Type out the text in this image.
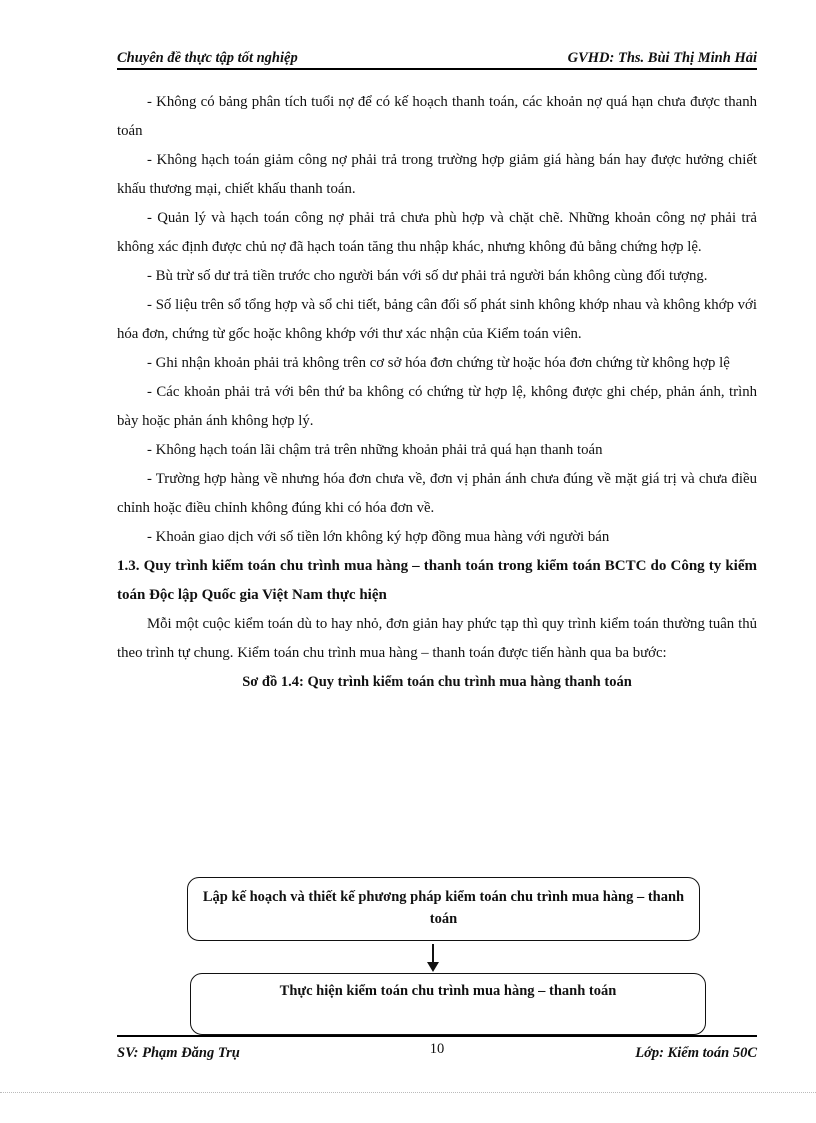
Chuyên đề thực tập tốt nghiệp	GVHD: Ths. Bùi Thị Minh Hải

- Không có bảng phân tích tuổi nợ để có kế hoạch thanh toán, các khoản nợ quá hạn chưa được thanh toán

- Không hạch toán giảm công nợ phải trả trong trường hợp giảm giá hàng bán hay được hưởng chiết khấu thương mại, chiết khấu thanh toán.

- Quản lý và hạch toán công nợ phải trả chưa phù hợp và chặt chẽ. Những khoản công nợ phải trả không xác định được chủ nợ đã hạch toán tăng thu nhập khác, nhưng không đủ bằng chứng hợp lệ.

- Bù trừ số dư trả tiền trước cho người bán với số dư phải trả người bán không cùng đối tượng.

- Số liệu trên sổ tổng hợp và sổ chi tiết, bảng cân đối số phát sinh không khớp nhau và không khớp với hóa đơn, chứng từ gốc hoặc không khớp với thư xác nhận của Kiểm toán viên.

- Ghi nhận khoản phải trả không trên cơ sở hóa đơn chứng từ hoặc hóa đơn chứng từ không hợp lệ

- Các khoản phải trả với bên thứ ba không có chứng từ hợp lệ, không được ghi chép, phản ánh, trình bày hoặc phản ánh không hợp lý.

- Không hạch toán lãi chậm trả trên những khoản phải trả quá hạn thanh toán

- Trường hợp hàng về nhưng hóa đơn chưa về, đơn vị phản ánh chưa đúng về mặt giá trị và chưa điều chỉnh hoặc điều chỉnh không đúng khi có hóa đơn về.

- Khoản giao dịch với số tiền lớn không ký hợp đồng mua hàng với người bán

1.3. Quy trình kiểm toán chu trình mua hàng – thanh toán trong kiểm toán BCTC do Công ty kiểm toán Độc lập Quốc gia Việt Nam thực hiện

Mỗi một cuộc kiểm toán dù to hay nhỏ, đơn giản hay phức tạp thì quy trình kiểm toán thường tuân thủ theo trình tự chung. Kiểm toán chu trình mua hàng – thanh toán được tiến hành qua ba bước:

Sơ đồ 1.4: Quy trình kiểm toán chu trình mua hàng thanh toán

Lập kế hoạch và thiết kế phương pháp kiểm toán chu trình mua hàng – thanh toán
Thực hiện kiểm toán chu trình mua hàng – thanh toán
SV: Phạm Đăng Trụ	10	Lớp: Kiểm toán 50C
